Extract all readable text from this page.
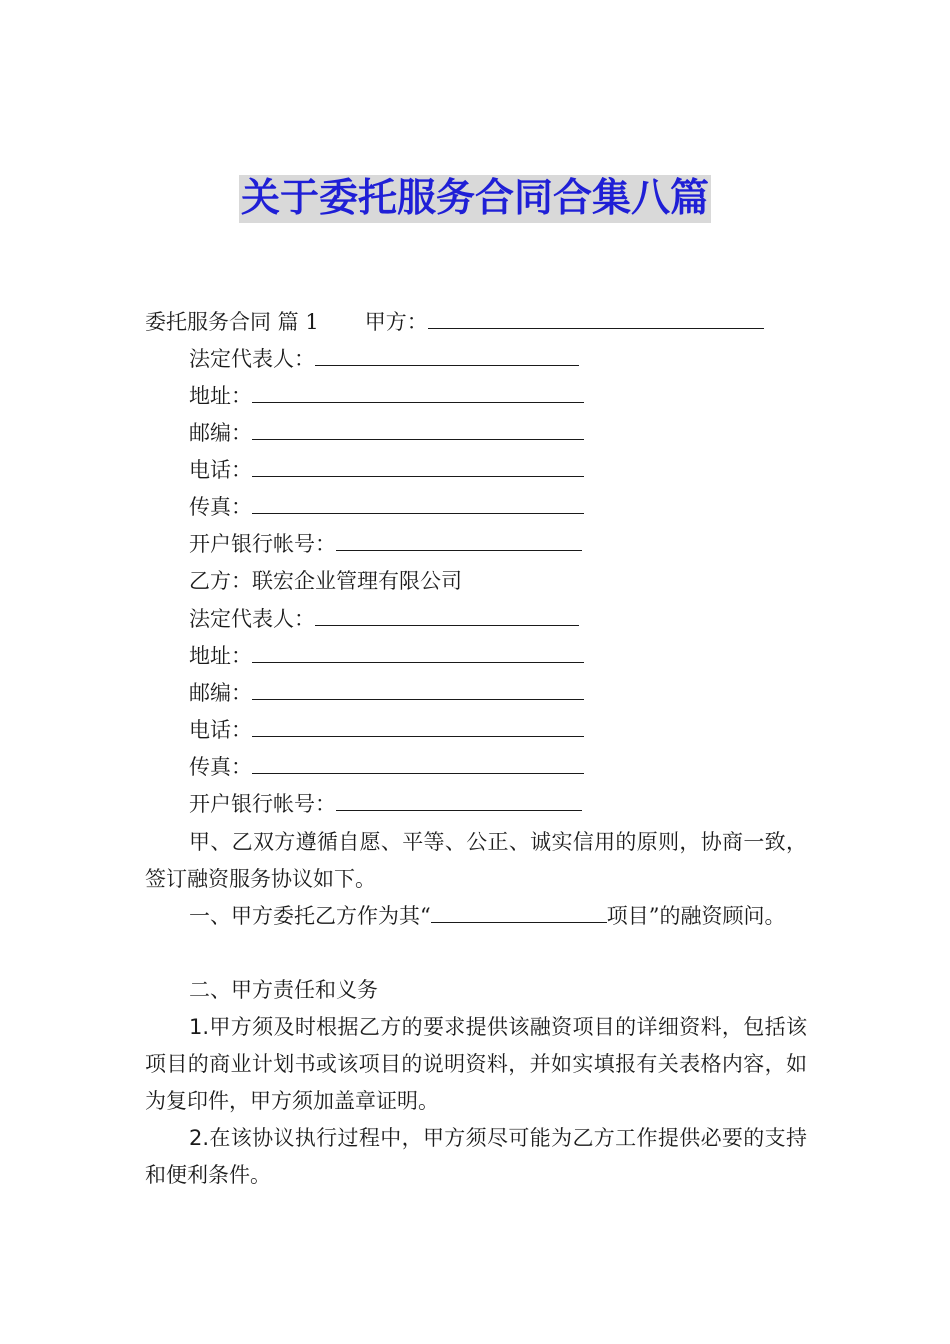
关于委托服务合同合集八篇
委托服务合同 篇 1 甲方：
法定代表人：
地址：
邮编：
电话：
传真：
开户银行帐号：
乙方：联宏企业管理有限公司
法定代表人：
地址：
邮编：
电话：
传真：
开户银行帐号：
甲、乙双方遵循自愿、平等、公正、诚实信用的原则，协商一致，签订融资服务协议如下。
一、甲方委托乙方作为其“	项目”的融资顾问。
二、甲方责任和义务
1.甲方须及时根据乙方的要求提供该融资项目的详细资料，包括该项目的商业计划书或该项目的说明资料，并如实填报有关表格内容，如为复印件，甲方须加盖章证明。
2.在该协议执行过程中，甲方须尽可能为乙方工作提供必要的支持和便利条件。
